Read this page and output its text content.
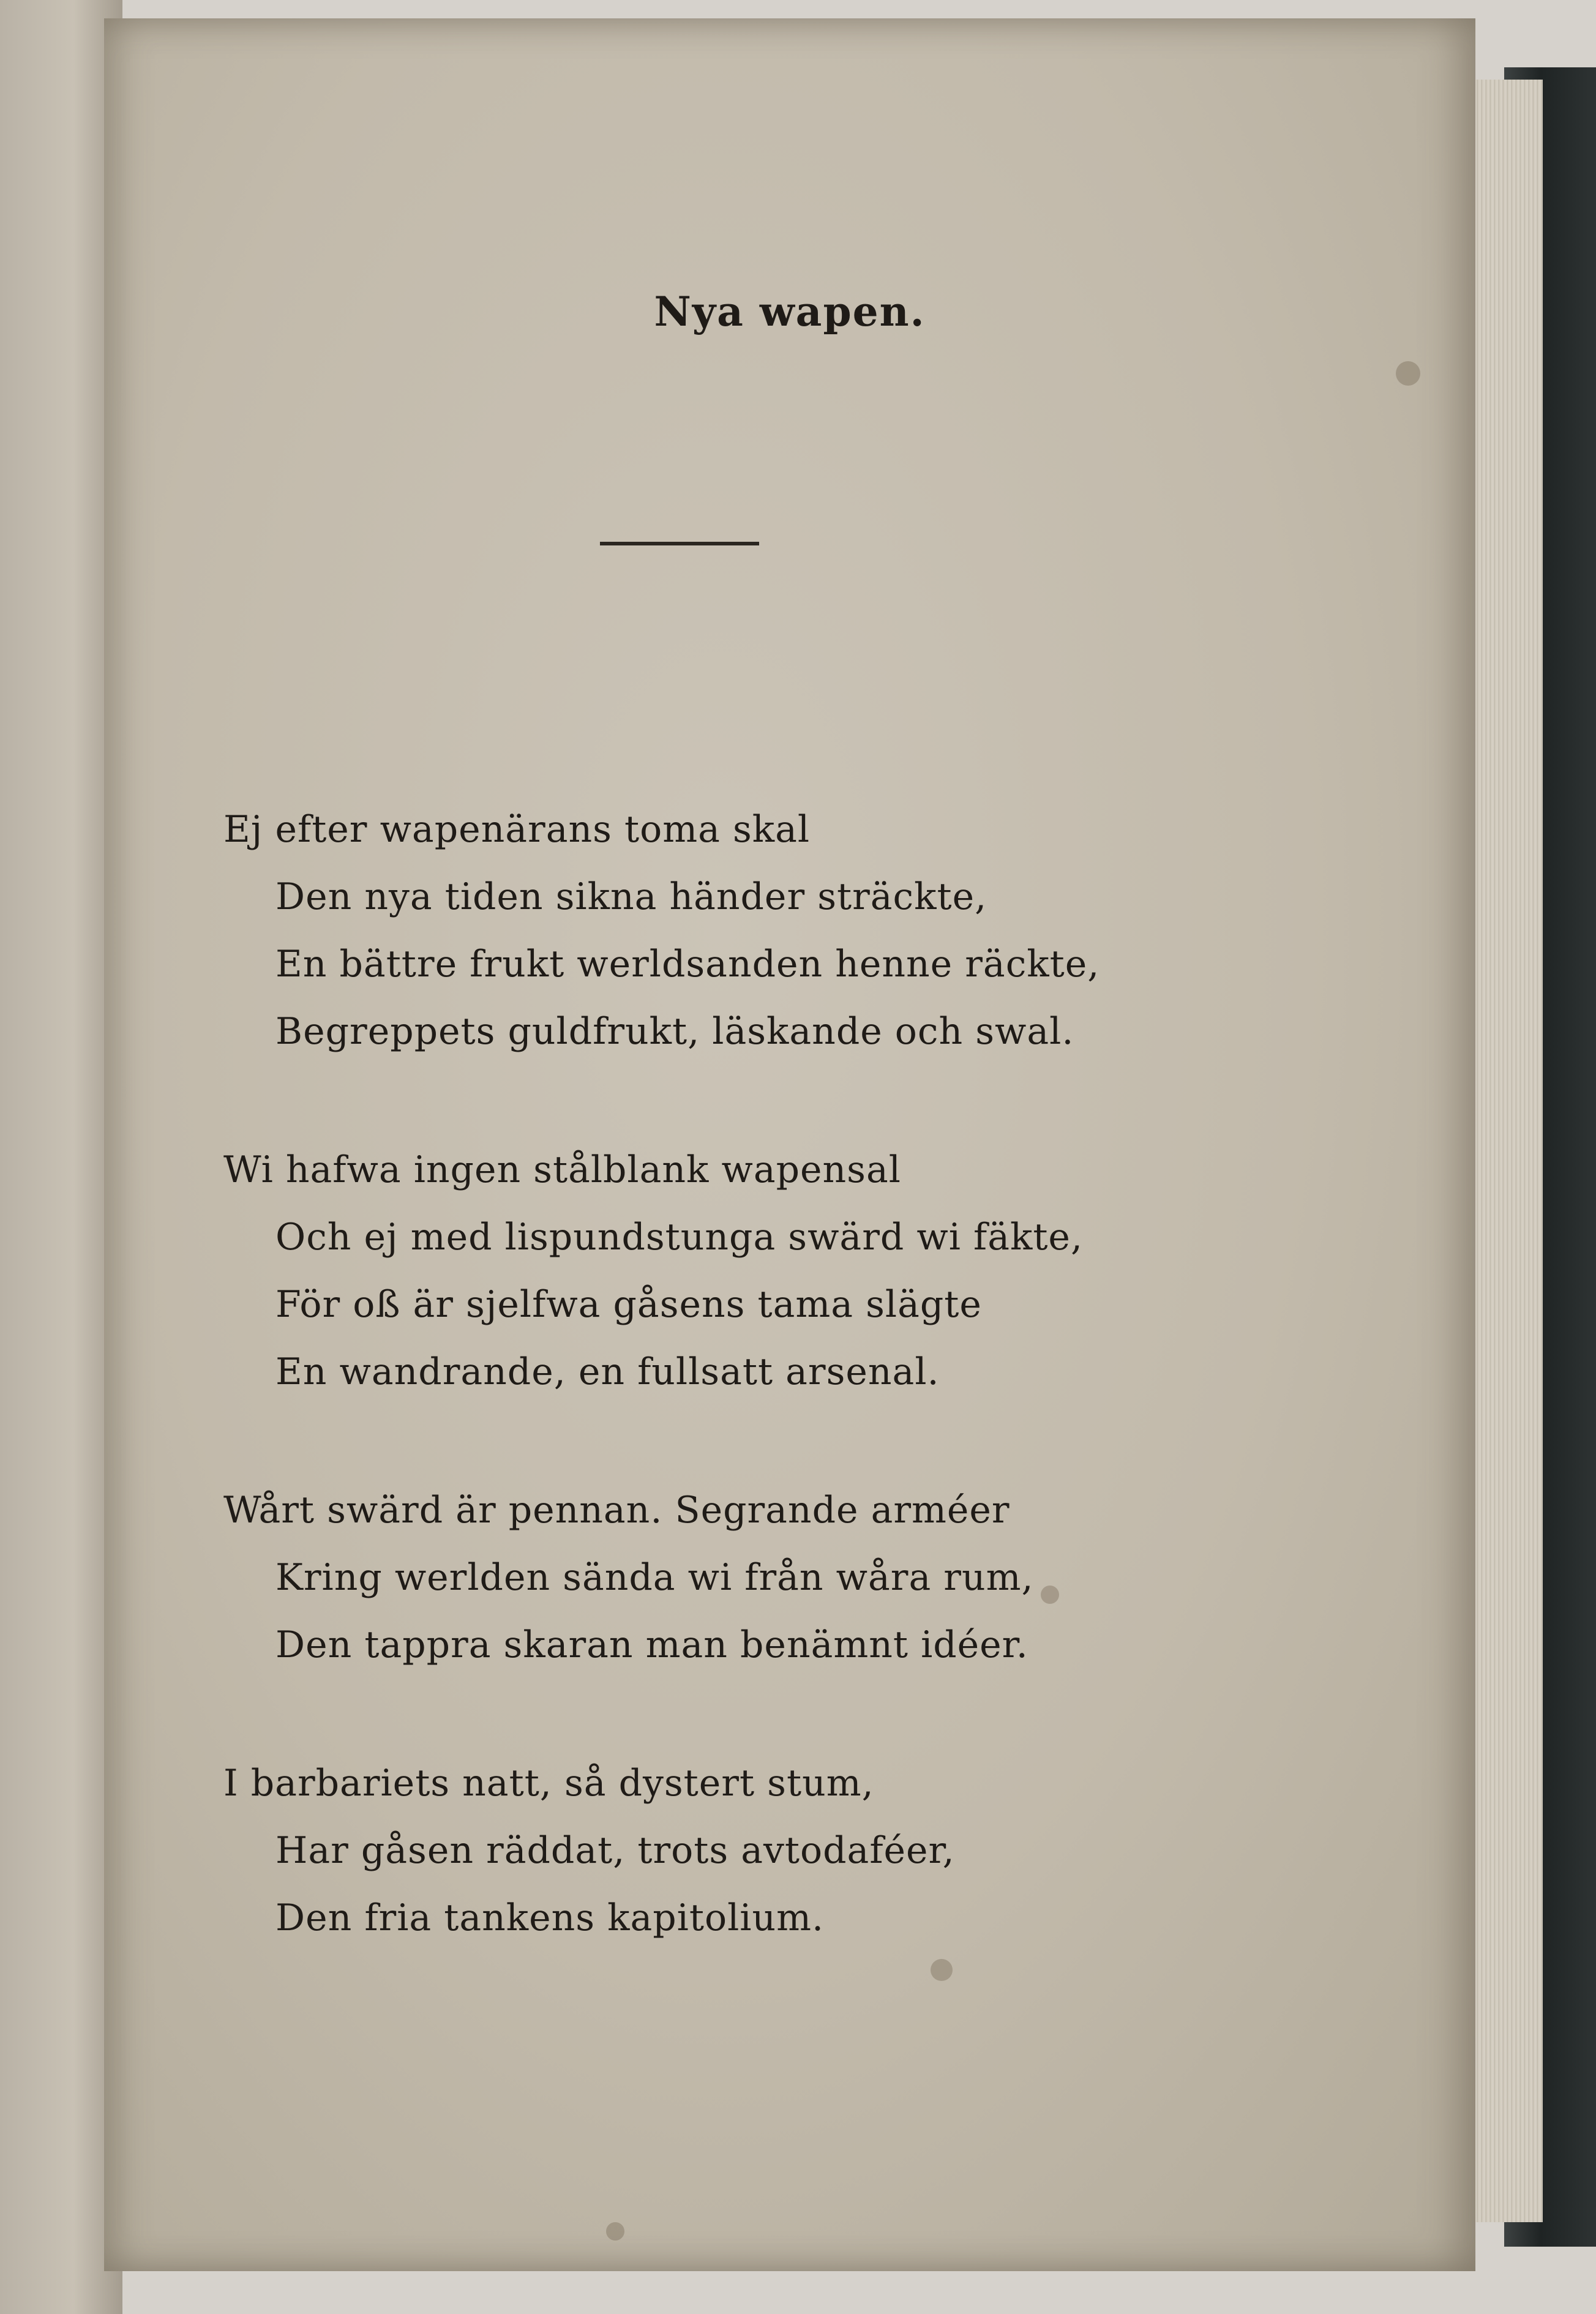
Nya wapen.
Ej efter wapenärans toma skal
Den nya tiden sikna händer sträckte,
En bättre frukt werldsanden henne räckte,
Begreppets guldfrukt, läskande och swal.
Wi hafwa ingen stålblank wapensal
Och ej med lispundstunga swärd wi fäkte,
För oß är sjelfwa gåsens tama slägte
En wandrande, en fullsatt arsenal.
Wårt swärd är pennan. Segrande arméer
Kring werlden sända wi från wåra rum,
Den tappra skaran man benämnt idéer.
I barbariets natt, så dystert stum,
Har gåsen räddat, trots avtodaféer,
Den fria tankens kapitolium.
